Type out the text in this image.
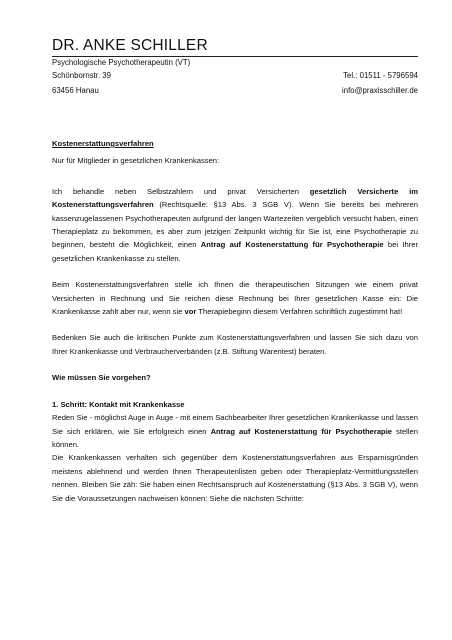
DR. ANKE SCHILLER
Psychologische Psychotherapeutin (VT)
Schönbornstr. 39	Tel.: 01511 - 5796594
63456 Hanau	info@praxisschiller.de

Kostenerstattungsverfahren

Nur für Mitglieder in gesetzlichen Krankenkassen:

Ich behandle neben Selbstzahlern und privat Versicherten gesetzlich Versicherte im Kostenerstattungsverfahren (Rechtsquelle: §13 Abs. 3 SGB V). Wenn Sie bereits bei mehreren kassenzugelassenen Psychotherapeuten aufgrund der langen Wartezeiten vergeblich versucht haben, einen Therapieplatz zu bekommen, es aber zum jetzigen Zeitpunkt wichtig für Sie ist, eine Psychotherapie zu beginnen, besteht die Möglichkeit, einen Antrag auf Kostenerstattung für Psychotherapie bei Ihrer gesetzlichen Krankenkasse zu stellen.

Beim Kostenerstattungsverfahren stelle ich Ihnen die therapeutischen Sitzungen wie einem privat Versicherten in Rechnung und Sie reichen diese Rechnung bei Ihrer gesetzlichen Kasse ein: Die Krankenkasse zahlt aber nur, wenn sie vor Therapiebeginn diesem Verfahren schriftlich zugestimmt hat!

Bedenken Sie auch die kritischen Punkte zum Kostenerstattungsverfahren und lassen Sie sich dazu von Ihrer Krankenkasse und Verbraucherverbänden (z.B. Stiftung Warentest) beraten.

Wie müssen Sie vorgehen?

1. Schritt: Kontakt mit Krankenkasse

Reden Sie - möglichst Auge in Auge - mit einem Sachbearbeiter Ihrer gesetzlichen Krankenkasse und lassen Sie sich erklären, wie Sie erfolgreich einen Antrag auf Kostenerstattung für Psychotherapie stellen können.

Die Krankenkassen verhalten sich gegenüber dem Kostenerstattungsverfahren aus Ersparnisgründen meistens ablehnend und werden Ihnen Therapeutenlisten geben oder Therapieplatz-Vermittlungsstellen nennen. Bleiben Sie zäh: Sie haben einen Rechtsanspruch auf Kostenerstattung (§13 Abs. 3 SGB V), wenn Sie die Voraussetzungen nachweisen können: Siehe die nächsten Schritte:
